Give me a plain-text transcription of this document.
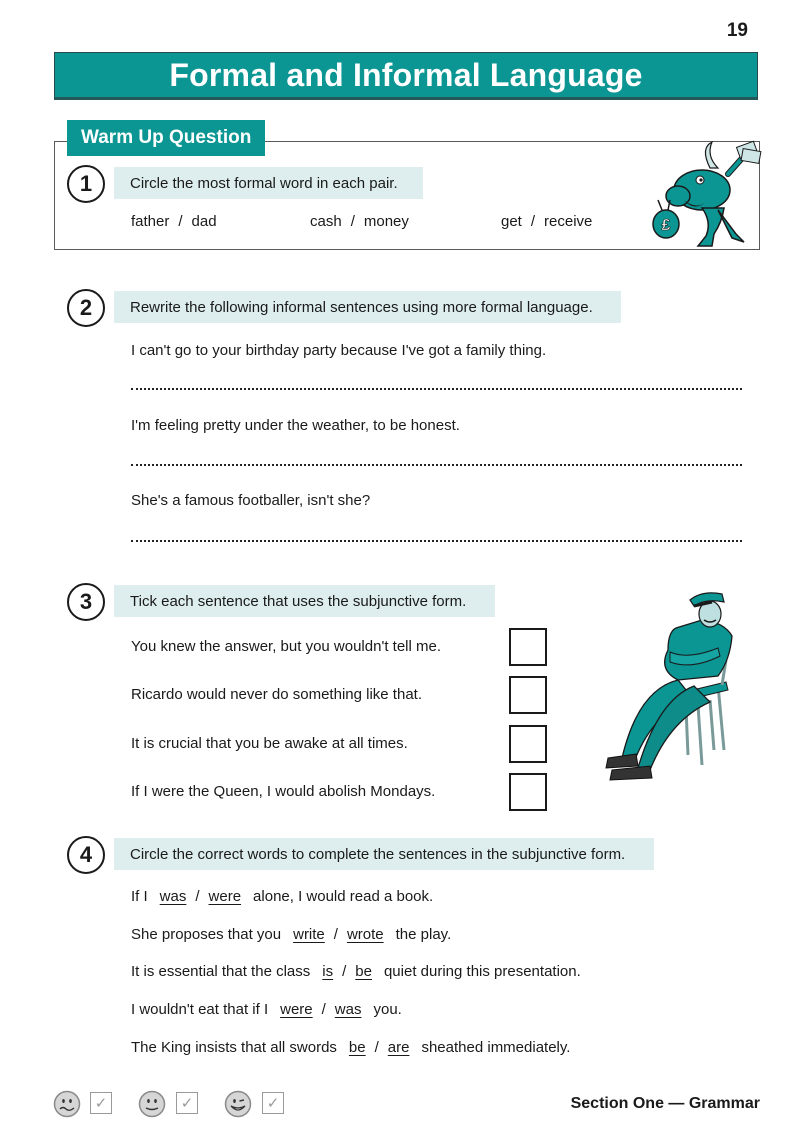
19
Formal and Informal Language
Warm Up Question
1	Circle the most formal word in each pair.
father / dad	cash / money	get / receive	£
2	Rewrite the following informal sentences using more formal language.
I can't go to your birthday party because I've got a family thing.
I'm feeling pretty under the weather, to be honest.
She's a famous footballer, isn't she?
3	Tick each sentence that uses the subjunctive form.
You knew the answer, but you wouldn't tell me.
Ricardo would never do something like that.
It is crucial that you be awake at all times.
If I were the Queen, I would abolish Mondays.
4	Circle the correct words to complete the sentences in the subjunctive form.
If I was / were alone, I would read a book.
She proposes that you write / wrote the play.
It is essential that the class is / be quiet during this presentation.
I wouldn't eat that if I were / was you.
The King insists that all swords be / are sheathed immediately.
✓	✓	✓	Section One — Grammar
